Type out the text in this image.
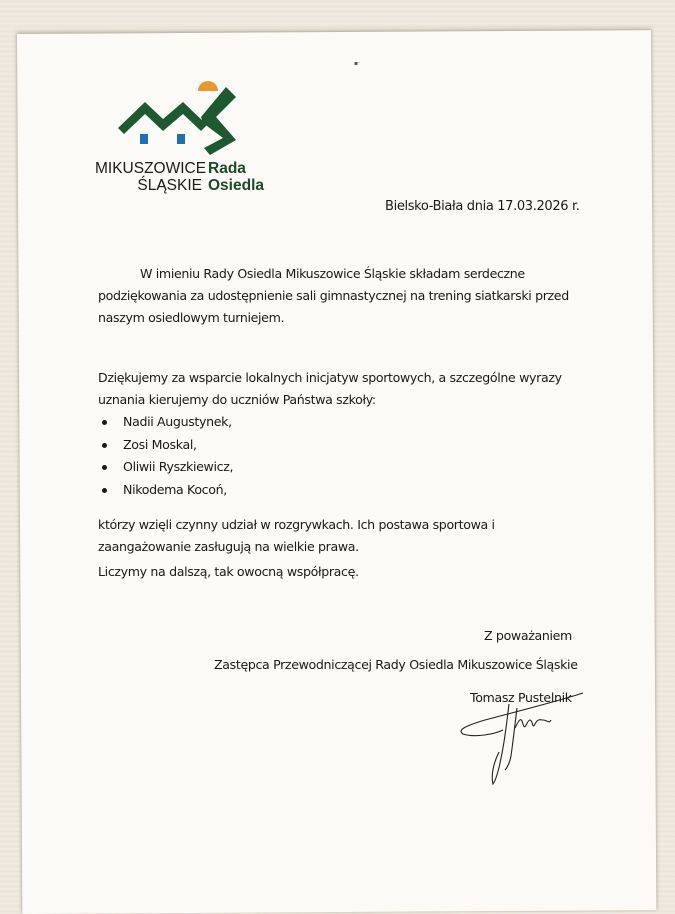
▪·
MIKUSZOWICE
ŚLĄSKIE
Rada
Osiedla
Bielsko-Biała dnia 17.03.2026 r.
W imieniu Rady Osiedla Mikuszowice Śląskie składam serdeczne
podziękowania za udostępnienie sali gimnastycznej na trening siatkarski przed
naszym osiedlowym turniejem.
Dziękujemy za wsparcie lokalnych inicjatyw sportowych, a szczególne wyrazy
uznania kierujemy do uczniów Państwa szkoły:
Nadii Augustynek,
Zosi Moskal,
Oliwii Ryszkiewicz,
Nikodema Kocoń,
którzy wzięli czynny udział w rozgrywkach. Ich postawa sportowa i
zaangażowanie zasługują na wielkie prawa.
Liczymy na dalszą, tak owocną współpracę.
Z poważaniem
Zastępca Przewodniczącej Rady Osiedla Mikuszowice Śląskie
Tomasz Pustelnik
